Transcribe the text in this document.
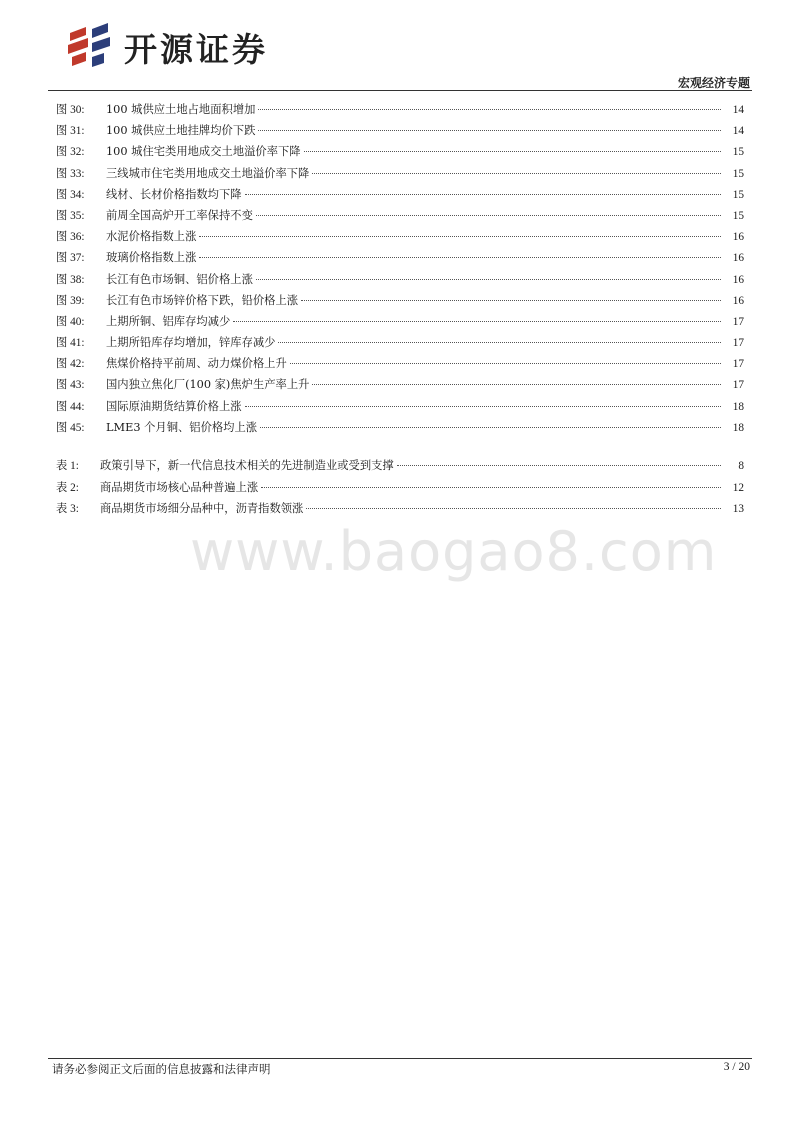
开源证券
宏观经济专题
图 30:	100 城供应土地占地面积增加	14
图 31:	100 城供应土地挂牌均价下跌	14
图 32:	100 城住宅类用地成交土地溢价率下降	15
图 33:	三线城市住宅类用地成交土地溢价率下降	15
图 34:	线材、长材价格指数均下降	15
图 35:	前周全国高炉开工率保持不变	15
图 36:	水泥价格指数上涨	16
图 37:	玻璃价格指数上涨	16
图 38:	长江有色市场铜、铝价格上涨	16
图 39:	长江有色市场锌价格下跌，铅价格上涨	16
图 40:	上期所铜、铝库存均减少	17
图 41:	上期所铅库存均增加，锌库存减少	17
图 42:	焦煤价格持平前周、动力煤价格上升	17
图 43:	国内独立焦化厂(100 家)焦炉生产率上升	17
图 44:	国际原油期货结算价格上涨	18
图 45:	LME3 个月铜、铝价格均上涨	18
表 1:	政策引导下，新一代信息技术相关的先进制造业或受到支撑	8
表 2:	商品期货市场核心品种普遍上涨	12
表 3:	商品期货市场细分品种中，沥青指数领涨	13
www.baogao8.com
请务必参阅正文后面的信息披露和法律声明	3 / 20
